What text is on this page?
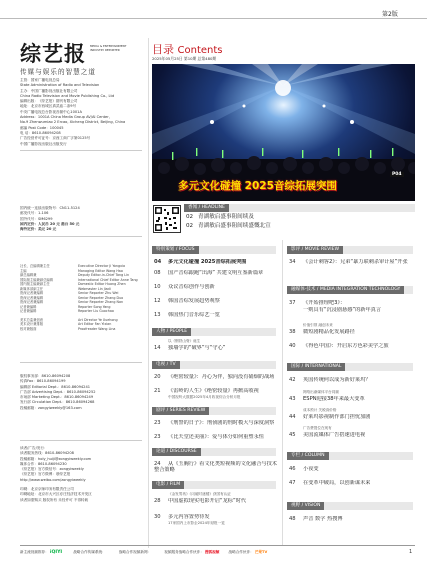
第2版
综艺报 MEDIA & ENTERTAINMENT INDUSTRY REPORTER
传媒与娱乐的智慧之道
主管：国家广播电视总局
State Administration of Radio and Television
主办：中国广播影视出版社有限公司
China Radio Television and Movie Publishing Co., Ltd
编辑出版：《综艺报》期刊有限公司
地址：北京市西城区真武庙二条9号
中央广播电视总台影视音频中心1001A
Address：1001A China Media Group AV/AI Center,
No.9 Zhenwumiao 2 Ercao, Xicheng District, Beijing, China
邮编 Post Code：100045
电 话：8610-86094208
广告经营许可证号：京西工商广字第0125号
中国广播影视出版社出版发行
国内统一连续出版物号：CN11-5124
邮发代号：1-106
国外代号：SM6299
国内定价：人民币 20 元 港台 50 元
海外定价：美元 20 元
社长、总编辑兼主任	Executive Director Ji Yongxia
主编	Managing Editor Wang Hao
副总编辑兼	Deputy Editor-in-Chief Tang Lin
国际版主编兼副总编辑	International Chief Editor Anne Tang
国内版主编兼副主任	Domestic Editor Huang Zhen
新媒体部副主任	Webmaster Lin Jiadi
资深记者兼编辑	Senior Reporter Zhu Wei
资深记者兼编辑	Senior Reporter Zhang Duo
资深记者兼编辑	Senior Reporter Zhang Nan
记者兼编辑	Reporter Song Yang
记者兼编辑	Reporter Liu Guochao
美术总监兼创意	Art Director Ye Xuehong
美术设计兼排版	Art Editor Fan Yixian
校对兼版面	Proofreader Wang Lina
版权事务部：8610-86094208
传真Fax：8610-86094199
编辑部 Editorial Dept.：8610-86094241
广告部 Advertising Dept.：8610-86094252
市场部 Marketing Dept.：8610-86094249
发行部 Circulation Dept.：8610-86094268
投稿邮箱：zongyiweekly@163.com
读者/广告/发行：
读者服务热线：8610-86094208
投稿邮箱：holy_huiji@zongyiweekly.com
媒体合作：8610-86094230
《综艺报》官方微信号：zongyiweekly
《综艺报》官方微博：@综艺报
http://www.weibo.com/zongyiweekly
印刷：北京京师印务有限责任公司
印刷地址：北京市大兴区亦庄经济技术开发区
读者如需购买 版权所有 未经许可 不得转载
目录 Contents
2025年05月25日 第10期 总第480期
多元文化碰撞 2025音综拓展突围
P04
香闻 / HEADLINE
02 青湖敏启盛事阻间续及
02 青湖敏启盛事阻间续盛慨北宣
特别策划 / FOCUS
04 多元文化碰撞 2025音综拓展突围
08 国产音综跟跑“出海” 共建文明互鉴新篇章
10 众议音综创作与创新
12 韩国音综发展趋势观察
13 韩国热门音乐综艺一览
人物 / PEOPLE
以《钢铁山脊》诞生
14 独墙学的“破界”与“守心”
电视 / TV
20 《绝密较量》：丹心为伴，独向没有硝烟的战场
21 《雷岭的人生》《绝密较量》再掀高收视
中国视听大数据2025年4月收视综合分析月报
剧评 / SERIES REVIEW
23 《刑警的日子》：刑侦剧的刑时模大与深度洞察
23 《比天堂还美丽》：爱与体分如何重塑永恒
论道 / DISCOURSE
24 从《玉胸行》看文化类短视频的文化融合与技术整合策略
电影 / FILM
《金发男孩》《闪破时遮楼》获国有认证
28 中国虚拟现实电影开启“龙标”时代
30 多元内容置势待发
17家国内上市影企2024年财报一览
影评 / MOVIE REVIEW
34 《会计刺客2》：兄弟“暴力联刺杀审计屋”开张
融媒体·技术 / MEDIA INTEGRATION TECHNOLOGY
37 《开始推理吧3》：
一则具有“沉浸剧悬感”的新年真言
价值引领 融创未来
38 微短剧精品化发展路径
40 《得色中国》：开启东方色彩美学之旅
国际 / INTERNATIONAL
42 英国传统何以成为新好莱坞？
网络出渐媒体平台同频
43 ESPN迎接38年来最大变革
成本预计 关税高价格
44 好莱坞影视制作部门担忧加剧
广告费提位在现有
45 美国流媒体广告搭速进电视
专栏 / COLUMN
46 小夜变
47 在变革中破局，以创新谋未来
视野 / VISION
48 声音 数字 热搜博
新主流视频推荐： iQIYI	战略合作传媒系统：	战略合作视频新网：	视频服务战略合作伙伴： 搜狐视频	战略合作伙伴： 芒果TV	1
